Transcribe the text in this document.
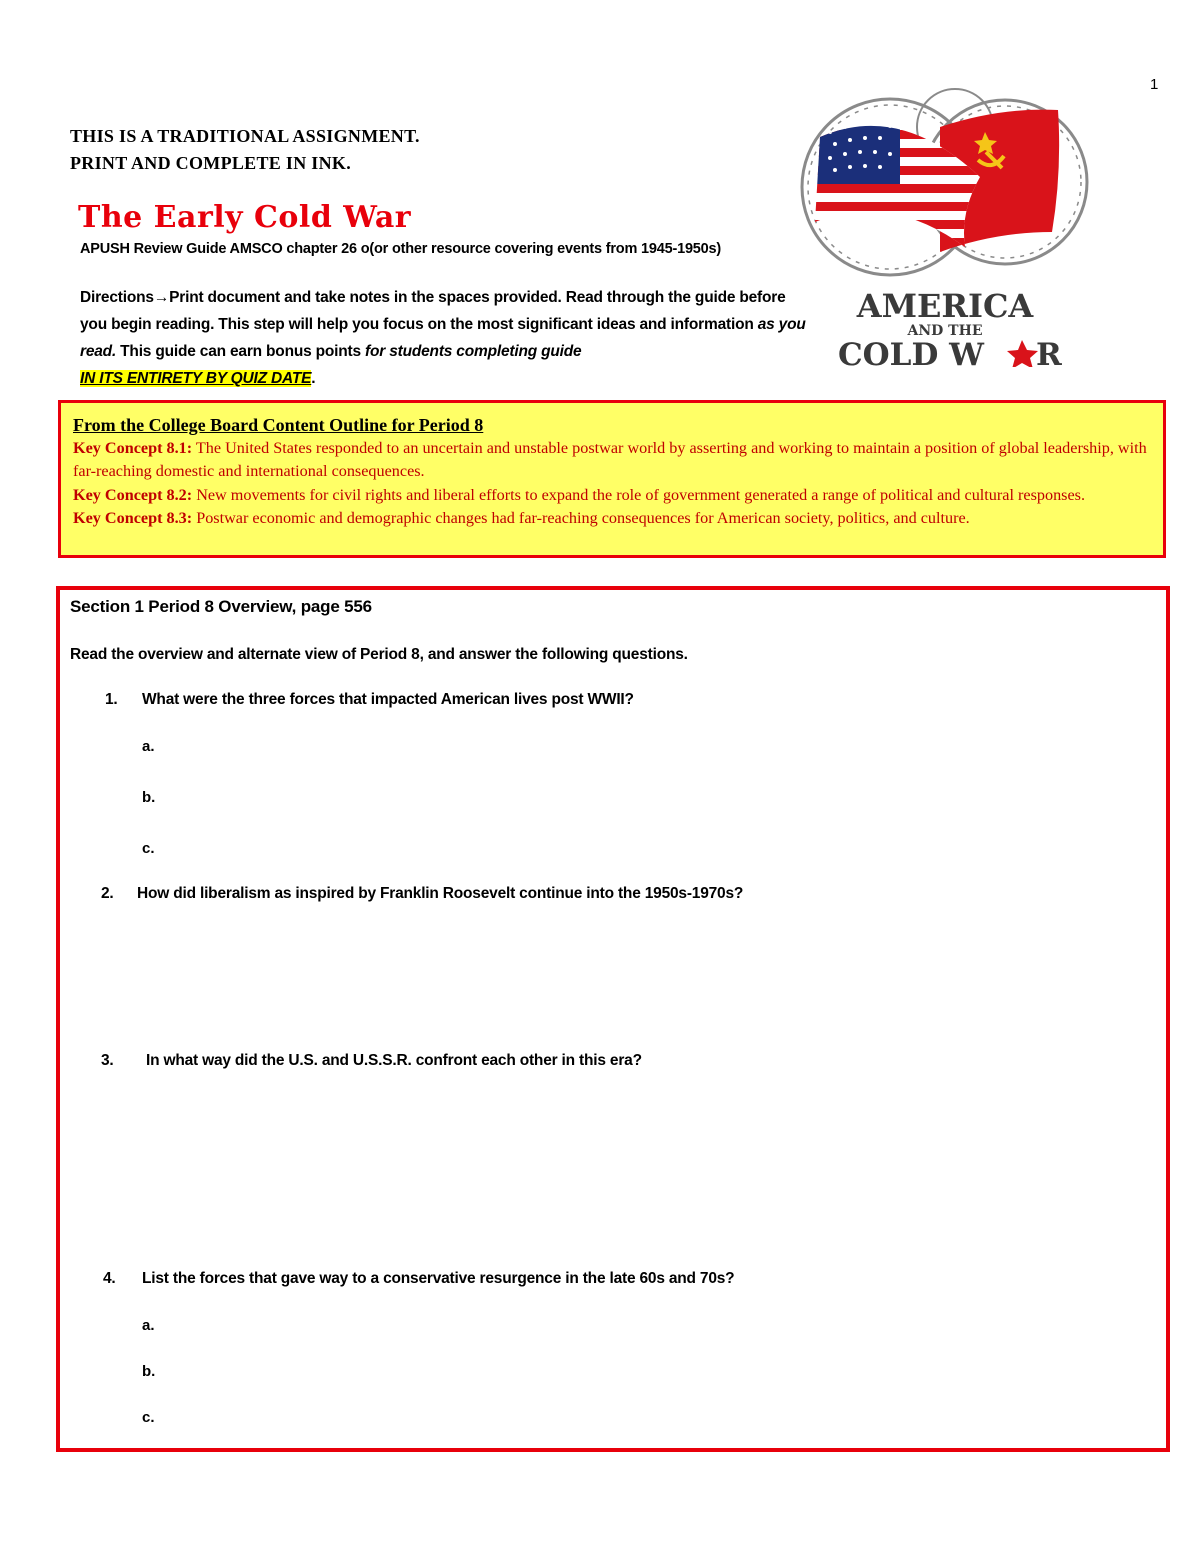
1
THIS IS A TRADITIONAL ASSIGNMENT.
PRINT AND COMPLETE IN INK.
The Early Cold War
APUSH Review Guide AMSCO chapter 26 o(or other resource covering events from 1945-1950s)
Directions→Print document and take notes in the spaces provided. Read through the guide before you begin reading. This step will help you focus on the most significant ideas and information as you read. This guide can earn bonus points for students completing guide
IN ITS ENTIRETY BY QUIZ DATE.
AMERICA
AND THE
COLD W R
From the College Board Content Outline for Period 8
Key Concept 8.1: The United States responded to an uncertain and unstable postwar world by asserting and working to maintain a position of global leadership, with far-reaching domestic and international consequences.
Key Concept 8.2: New movements for civil rights and liberal efforts to expand the role of government generated a range of political and cultural responses.
Key Concept 8.3: Postwar economic and demographic changes had far-reaching consequences for American society, politics, and culture.
Section 1 Period 8 Overview, page 556
Read the overview and alternate view of Period 8, and answer the following questions.
1. What were the three forces that impacted American lives post WWII?
a.
b.
c.
2. How did liberalism as inspired by Franklin Roosevelt continue into the 1950s-1970s?
3. In what way did the U.S. and U.S.S.R. confront each other in this era?
4. List the forces that gave way to a conservative resurgence in the late 60s and 70s?
a.
b.
c.
